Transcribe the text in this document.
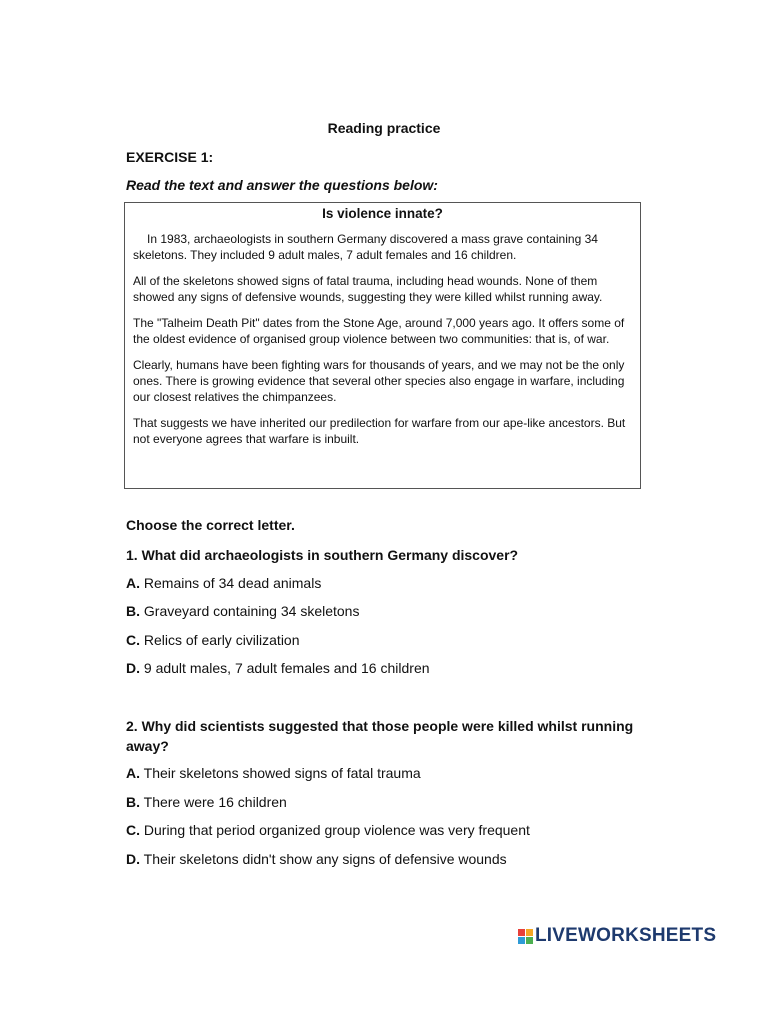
Reading practice
EXERCISE 1:
Read the text and answer the questions below:
Is violence innate?

In 1983, archaeologists in southern Germany discovered a mass grave containing 34 skeletons. They included 9 adult males, 7 adult females and 16 children.

All of the skeletons showed signs of fatal trauma, including head wounds. None of them showed any signs of defensive wounds, suggesting they were killed whilst running away.

The "Talheim Death Pit" dates from the Stone Age, around 7,000 years ago. It offers some of the oldest evidence of organised group violence between two communities: that is, of war.

Clearly, humans have been fighting wars for thousands of years, and we may not be the only ones. There is growing evidence that several other species also engage in warfare, including our closest relatives the chimpanzees.

That suggests we have inherited our predilection for warfare from our ape-like ancestors. But not everyone agrees that warfare is inbuilt.

Choose the correct letter.
1. What did archaeologists in southern Germany discover?
A. Remains of 34 dead animals
B. Graveyard containing 34 skeletons
C. Relics of early civilization
D. 9 adult males, 7 adult females and 16 children
2. Why did scientists suggested that those people were killed whilst running away?
A. Their skeletons showed signs of fatal trauma
B. There were 16 children
C. During that period organized group violence was very frequent
D. Their skeletons didn't show any signs of defensive wounds
LIVEWORKSHEETS
